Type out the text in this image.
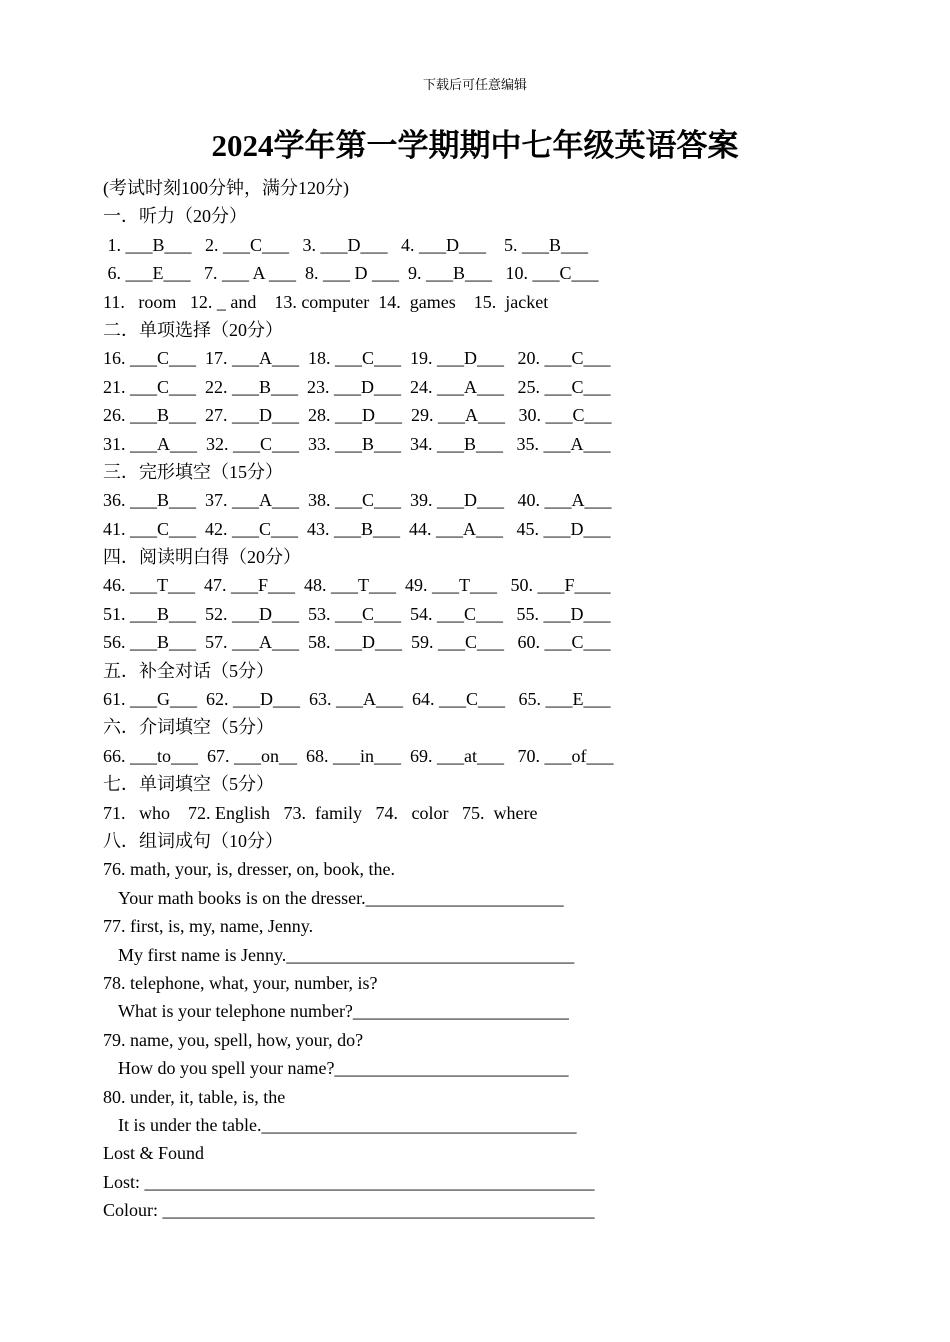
下载后可任意编辑
2024学年第一学期期中七年级英语答案
(考试时刻100分钟，满分120分)
一．听力（20分）
1. ___B___   2. ___C___   3. ___D___   4. ___D___    5. ___B___
6. ___E___   7. ___ A ___  8. ___ D ___  9. ___B___   10. ___C___
11.   room   12. _ and    13. computer  14.  games    15.  jacket
二．单项选择（20分）
16. ___C___  17. ___A___  18. ___C___  19. ___D___   20. ___C___
21. ___C___  22. ___B___  23. ___D___  24. ___A___   25. ___C___
26. ___B___  27. ___D___  28. ___D___  29. ___A___   30. ___C___
31. ___A___  32. ___C___  33. ___B___  34. ___B___   35. ___A___
三．完形填空（15分）
36. ___B___  37. ___A___  38. ___C___  39. ___D___   40. ___A___
41. ___C___  42. ___C___  43. ___B___  44. ___A___   45. ___D___
四．阅读明白得（20分）
46. ___T___  47. ___F___  48. ___T___  49. ___T___   50. ___F____
51. ___B___  52. ___D___  53. ___C___  54. ___C___   55. ___D___
56. ___B___  57. ___A___  58. ___D___  59. ___C___   60. ___C___
五．补全对话（5分）
61. ___G___  62. ___D___  63. ___A___  64. ___C___   65. ___E___
六．介词填空（5分）
66. ___to___  67. ___on__  68. ___in___  69. ___at___   70. ___of___
七．单词填空（5分）
71.   who    72. English   73.  family   74.   color   75.  where
八．组词成句（10分）
76. math, your, is, dresser, on, book, the.
Your math books is on the dresser.______________________
77. first, is, my, name, Jenny.
My first name is Jenny.________________________________
78. telephone, what, your, number, is?
What is your telephone number?________________________
79. name, you, spell, how, your, do?
How do you spell your name?__________________________
80. under, it, table, is, the
It is under the table.___________________________________
Lost & Found
Lost: __________________________________________________
Colour: ________________________________________________
